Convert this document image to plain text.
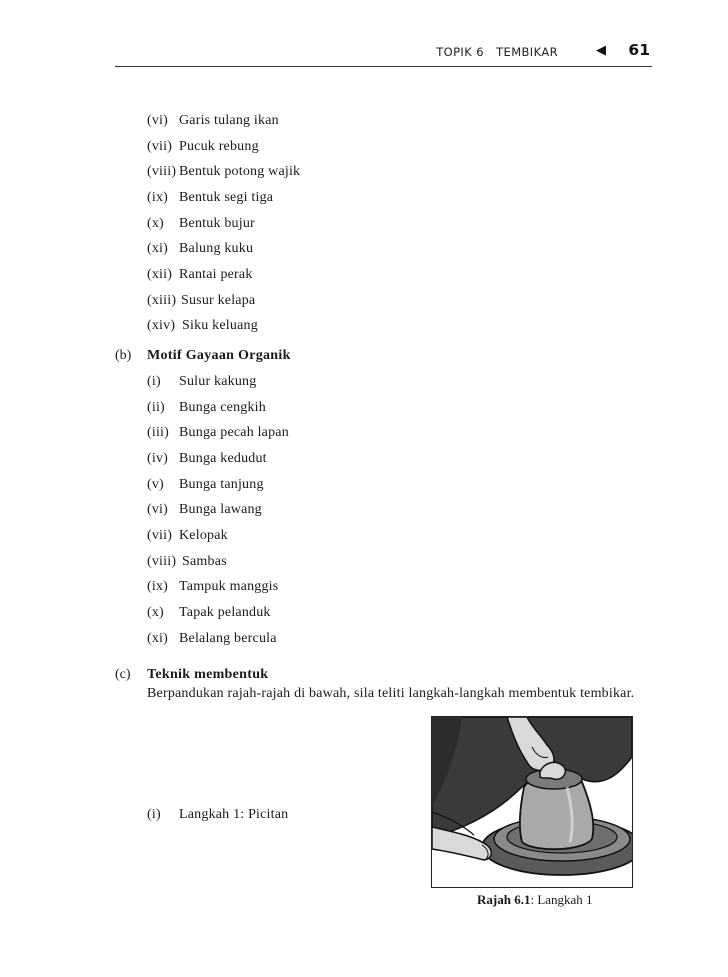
TOPIK 6 TEMBIKAR	◀ 61
(vi) Garis tulang ikan
(vii) Pucuk rebung
(viii) Bentuk potong wajik
(ix) Bentuk segi tiga
(x) Bentuk bujur
(xi) Balung kuku
(xii) Rantai perak
(xiii) Susur kelapa
(xiv) Siku keluang
(b) Motif Gayaan Organik
(i) Sulur kakung
(ii) Bunga cengkih
(iii) Bunga pecah lapan
(iv) Bunga kedudut
(v) Bunga tanjung
(vi) Bunga lawang
(vii) Kelopak
(viii) Sambas
(ix) Tampuk manggis
(x) Tapak pelanduk
(xi) Belalang bercula
(c) Teknik membentuk
Berpandukan rajah-rajah di bawah, sila teliti langkah-langkah membentuk tembikar.
(i) Langkah 1: Picitan
Rajah 6.1: Langkah 1
